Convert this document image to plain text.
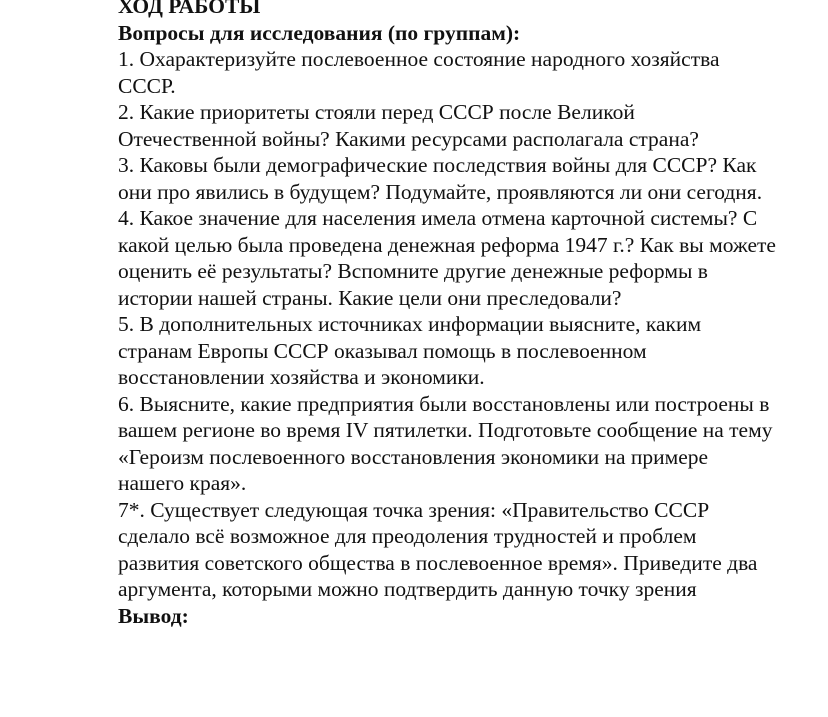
ХОД РАБОТЫ
Вопросы для исследования (по группам):
1. Охарактеризуйте послевоенное состояние народного хозяйства СССР.
2. Какие приоритеты стояли перед СССР после Великой Отечественной войны? Какими ресурсами располагала страна?
3. Каковы были демографические последствия войны для СССР? Как они про явились в будущем? Подумайте, проявляются ли они сегодня.
4. Какое значение для населения имела отмена карточной системы? С какой целью была проведена денежная реформа 1947 г.? Как вы можете оценить её результаты? Вспомните другие денежные реформы в истории нашей страны. Какие цели они преследовали?
5. В дополнительных источниках информации выясните, каким странам Европы СССР оказывал помощь в послевоенном восстановлении хозяйства и экономики.
6. Выясните, какие предприятия были восстановлены или построены в вашем регионе во время IV пятилетки. Подготовьте сообщение на тему «Героизм послевоенного восстановления экономики на примере нашего края».
7*. Существует следующая точка зрения: «Правительство СССР сделало всё возможное для преодоления трудностей и проблем развития советского общества в послевоенное время». Приведите два аргумента, которыми можно подтвердить данную точку зрения
Вывод:
